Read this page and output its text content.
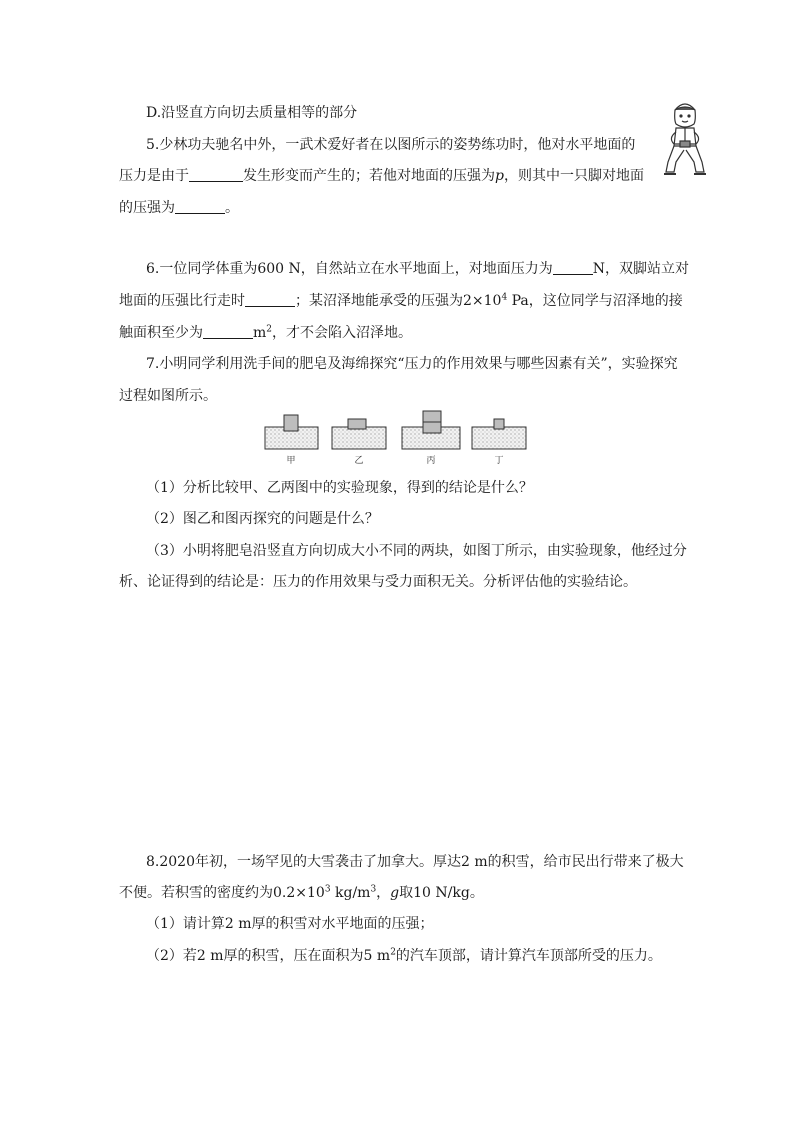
D.沿竖直方向切去质量相等的部分
5.少林功夫驰名中外，一武术爱好者在以图所示的姿势练功时，他对水平地面的
压力是由于	发生形变而产生的；若他对地面的压强为p，则其中一只脚对地面
的压强为	。
6.一位同学体重为600 N，自然站立在水平地面上，对地面压力为	N，双脚站立对
地面的压强比行走时	；某沼泽地能承受的压强为$2\times 10^4$ Pa，这位同学与沼泽地的接
触面积至少为	$m^2$，才不会陷入沼泽地。
7.小明同学利用洗手间的肥皂及海绵探究“压力的作用效果与哪些因素有关”，实验探究
过程如图所示。
甲	乙	丙	丁
（1）分析比较甲、乙两图中的实验现象，得到的结论是什么？
（2）图乙和图丙探究的问题是什么？
（3）小明将肥皂沿竖直方向切成大小不同的两块，如图丁所示，由实验现象，他经过分
析、论证得到的结论是：压力的作用效果与受力面积无关。分析评估他的实验结论。
8.2020年初，一场罕见的大雪袭击了加拿大。厚达2 m的积雪，给市民出行带来了极大
不便。若积雪的密度约为$0.2\times 10^3$ $kg/m^3$，g取10 N/kg。
（1）请计算2 m厚的积雪对水平地面的压强；
（2）若2 m厚的积雪，压在面积为5 $m^2$的汽车顶部，请计算汽车顶部所受的压力。
